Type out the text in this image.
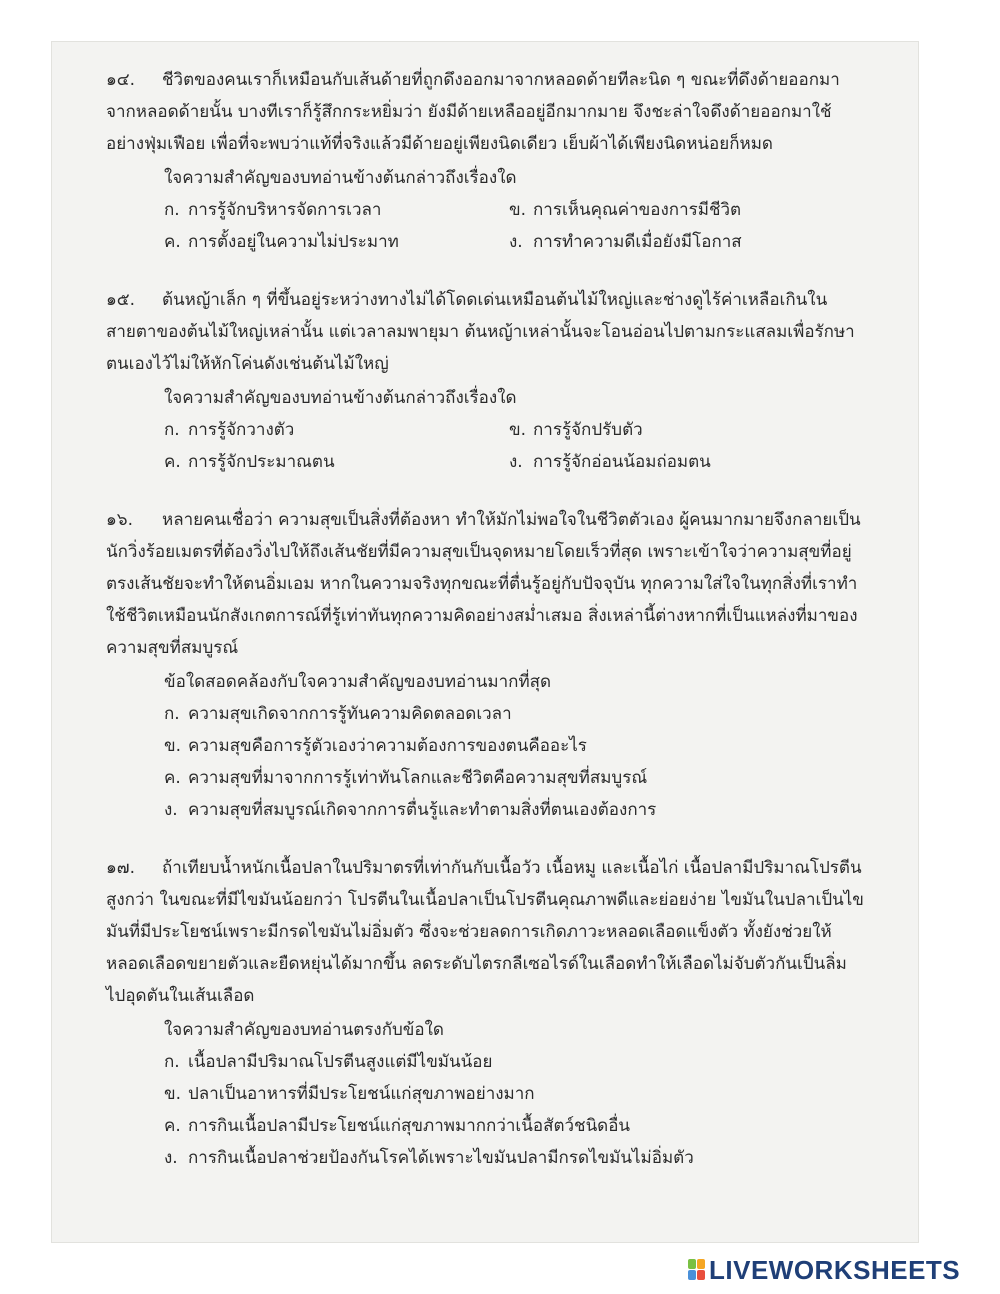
๑๔. ชีวิตของคนเราก็เหมือนกับเส้นด้ายที่ถูกดึงออกมาจากหลอดด้ายทีละนิด ๆ ขณะที่ดึงด้ายออกมาจากหลอดด้ายนั้น บางทีเราก็รู้สึกกระหยิ่มว่า ยังมีด้ายเหลืออยู่อีกมากมาย จึงชะล่าใจดึงด้ายออกมาใช้อย่างฟุ่มเฟือย เพื่อที่จะพบว่าแท้ที่จริงแล้วมีด้ายอยู่เพียงนิดเดียว เย็บผ้าได้เพียงนิดหน่อยก็หมด

ใจความสำคัญของบทอ่านข้างต้นกล่าวถึงเรื่องใด
ก. การรู้จักบริหารจัดการเวลา	ข. การเห็นคุณค่าของการมีชีวิต
ค. การตั้งอยู่ในความไม่ประมาท	ง. การทำความดีเมื่อยังมีโอกาส

๑๕. ต้นหญ้าเล็ก ๆ ที่ขึ้นอยู่ระหว่างทางไม่ได้โดดเด่นเหมือนต้นไม้ใหญ่และช่างดูไร้ค่าเหลือเกินในสายตาของต้นไม้ใหญ่เหล่านั้น แต่เวลาลมพายุมา ต้นหญ้าเหล่านั้นจะโอนอ่อนไปตามกระแสลมเพื่อรักษาตนเองไว้ไม่ให้หักโค่นดังเช่นต้นไม้ใหญ่

ใจความสำคัญของบทอ่านข้างต้นกล่าวถึงเรื่องใด
ก. การรู้จักวางตัว	ข. การรู้จักปรับตัว
ค. การรู้จักประมาณตน	ง. การรู้จักอ่อนน้อมถ่อมตน

๑๖. หลายคนเชื่อว่า ความสุขเป็นสิ่งที่ต้องหา ทำให้มักไม่พอใจในชีวิตตัวเอง ผู้คนมากมายจึงกลายเป็นนักวิ่งร้อยเมตรที่ต้องวิ่งไปให้ถึงเส้นชัยที่มีความสุขเป็นจุดหมายโดยเร็วที่สุด เพราะเข้าใจว่าความสุขที่อยู่ตรงเส้นชัยจะทำให้ตนอิ่มเอม หากในความจริงทุกขณะที่ตื่นรู้อยู่กับปัจจุบัน ทุกความใส่ใจในทุกสิ่งที่เราทำใช้ชีวิตเหมือนนักสังเกตการณ์ที่รู้เท่าทันทุกความคิดอย่างสม่ำเสมอ สิ่งเหล่านี้ต่างหากที่เป็นแหล่งที่มาของความสุขที่สมบูรณ์

ข้อใดสอดคล้องกับใจความสำคัญของบทอ่านมากที่สุด
ก. ความสุขเกิดจากการรู้ทันความคิดตลอดเวลา
ข. ความสุขคือการรู้ตัวเองว่าความต้องการของตนคืออะไร
ค. ความสุขที่มาจากการรู้เท่าทันโลกและชีวิตคือความสุขที่สมบูรณ์
ง. ความสุขที่สมบูรณ์เกิดจากการตื่นรู้และทำตามสิ่งที่ตนเองต้องการ

๑๗. ถ้าเทียบน้ำหนักเนื้อปลาในปริมาตรที่เท่ากันกับเนื้อวัว เนื้อหมู และเนื้อไก่ เนื้อปลามีปริมาณโปรตีนสูงกว่า ในขณะที่มีไขมันน้อยกว่า โปรตีนในเนื้อปลาเป็นโปรตีนคุณภาพดีและย่อยง่าย ไขมันในปลาเป็นไขมันที่มีประโยชน์เพราะมีกรดไขมันไม่อิ่มตัว ซึ่งจะช่วยลดการเกิดภาวะหลอดเลือดแข็งตัว ทั้งยังช่วยให้หลอดเลือดขยายตัวและยืดหยุ่นได้มากขึ้น ลดระดับไตรกลีเซอไรด์ในเลือดทำให้เลือดไม่จับตัวกันเป็นลิ่มไปอุดตันในเส้นเลือด

ใจความสำคัญของบทอ่านตรงกับข้อใด
ก. เนื้อปลามีปริมาณโปรตีนสูงแต่มีไขมันน้อย
ข. ปลาเป็นอาหารที่มีประโยชน์แก่สุขภาพอย่างมาก
ค. การกินเนื้อปลามีประโยชน์แก่สุขภาพมากกว่าเนื้อสัตว์ชนิดอื่น
ง. การกินเนื้อปลาช่วยป้องกันโรคได้เพราะไขมันปลามีกรดไขมันไม่อิ่มตัว
LIVEWORKSHEETS
